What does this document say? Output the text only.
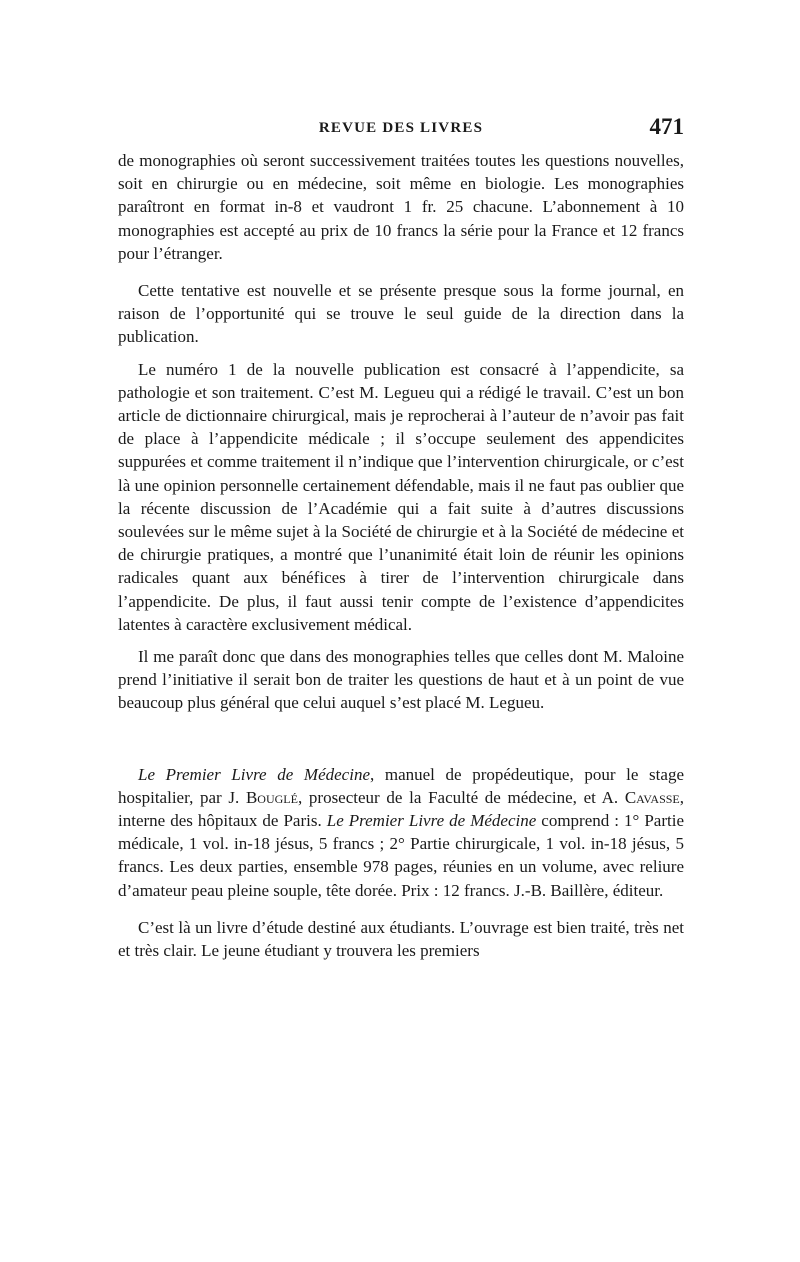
REVUE DES LIVRES	471

de monographies où seront successivement traitées toutes les questions nouvelles, soit en chirurgie ou en médecine, soit même en biologie. Les monographies paraîtront en format in-8 et vaudront 1 fr. 25 chacune. L’abonnement à 10 monographies est accepté au prix de 10 francs la série pour la France et 12 francs pour l’étranger.

Cette tentative est nouvelle et se présente presque sous la forme journal, en raison de l’opportunité qui se trouve le seul guide de la direction dans la publication.

Le numéro 1 de la nouvelle publication est consacré à l’appendicite, sa pathologie et son traitement. C’est M. Legueu qui a rédigé le travail. C’est un bon article de dictionnaire chirurgical, mais je reprocherai à l’auteur de n’avoir pas fait de place à l’appendicite médicale ; il s’occupe seulement des appendicites suppurées et comme traitement il n’indique que l’intervention chirurgicale, or c’est là une opinion personnelle certainement défendable, mais il ne faut pas oublier que la récente discussion de l’Académie qui a fait suite à d’autres discussions soulevées sur le même sujet à la Société de chirurgie et à la Société de médecine et de chirurgie pratiques, a montré que l’unanimité était loin de réunir les opinions radicales quant aux bénéfices à tirer de l’intervention chirurgicale dans l’appendicite. De plus, il faut aussi tenir compte de l’existence d’appendicites latentes à caractère exclusivement médical.

Il me paraît donc que dans des monographies telles que celles dont M. Maloine prend l’initiative il serait bon de traiter les questions de haut et à un point de vue beaucoup plus général que celui auquel s’est placé M. Legueu.

Le Premier Livre de Médecine, manuel de propédeutique, pour le stage hospitalier, par J. Bouglé, prosecteur de la Faculté de médecine, et A. Cavasse, interne des hôpitaux de Paris. Le Premier Livre de Médecine comprend : 1° Partie médicale, 1 vol. in-18 jésus, 5 francs ; 2° Partie chirurgicale, 1 vol. in-18 jésus, 5 francs. Les deux parties, ensemble 978 pages, réunies en un volume, avec reliure d’amateur peau pleine souple, tête dorée. Prix : 12 francs. J.-B. Baillère, éditeur.

C’est là un livre d’étude destiné aux étudiants. L’ouvrage est bien traité, très net et très clair. Le jeune étudiant y trouvera les premiers
